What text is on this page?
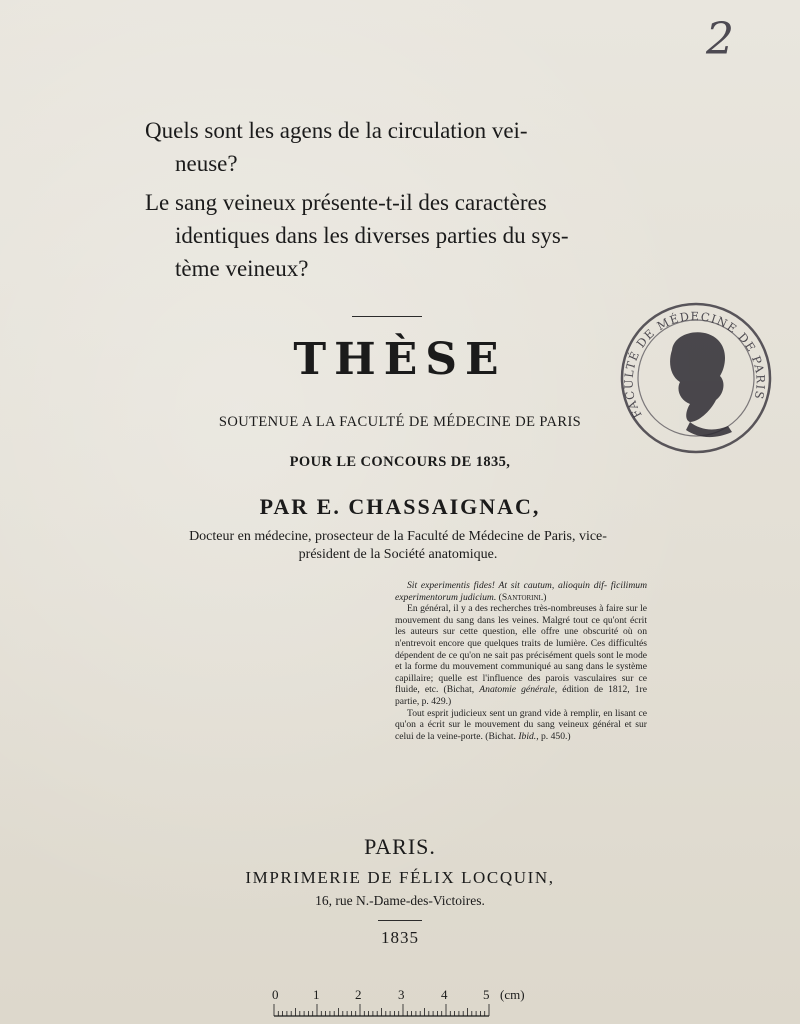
2
Quels sont les agens de la circulation vei-
neuse?
Le sang veineux présente-t-il des caractères
identiques dans les diverses parties du sys-
tème veineux?
THÈSE
SOUTENUE A LA FACULTÉ DE MÉDECINE DE PARIS
POUR LE CONCOURS DE 1835,
PAR E. CHASSAIGNAC,
Docteur en médecine, prosecteur de la Faculté de Médecine de Paris, vice-
président de la Société anatomique.

Sit experimentis fides! At sit cautum, alioquin dif- ficilimum experimentorum judicium. (Santorini.)

En général, il y a des recherches très-nombreuses à faire sur le mouvement du sang dans les veines. Malgré tout ce qu'ont écrit les auteurs sur cette question, elle offre une obscurité où on n'entrevoit encore que quelques traits de lumière. Ces difficultés dépendent de ce qu'on ne sait pas précisément quels sont le mode et la forme du mouvement communiqué au sang dans le système capillaire; quelle est l'influence des parois vasculaires sur ce fluide, etc. (Bichat, Anatomie générale, édition de 1812, 1re partie, p. 429.)

Tout esprit judicieux sent un grand vide à remplir, en lisant ce qu'on a écrit sur le mouvement du sang veineux général et sur celui de la veine-porte. (Bichat. Ibid., p. 450.)

FACULTÉ DE MÉDECINE DE PARIS
PARIS.
IMPRIMERIE DE FÉLIX LOCQUIN,
16, rue N.-Dame-des-Victoires.
1835
0	1	2	3	4	5 (cm)
